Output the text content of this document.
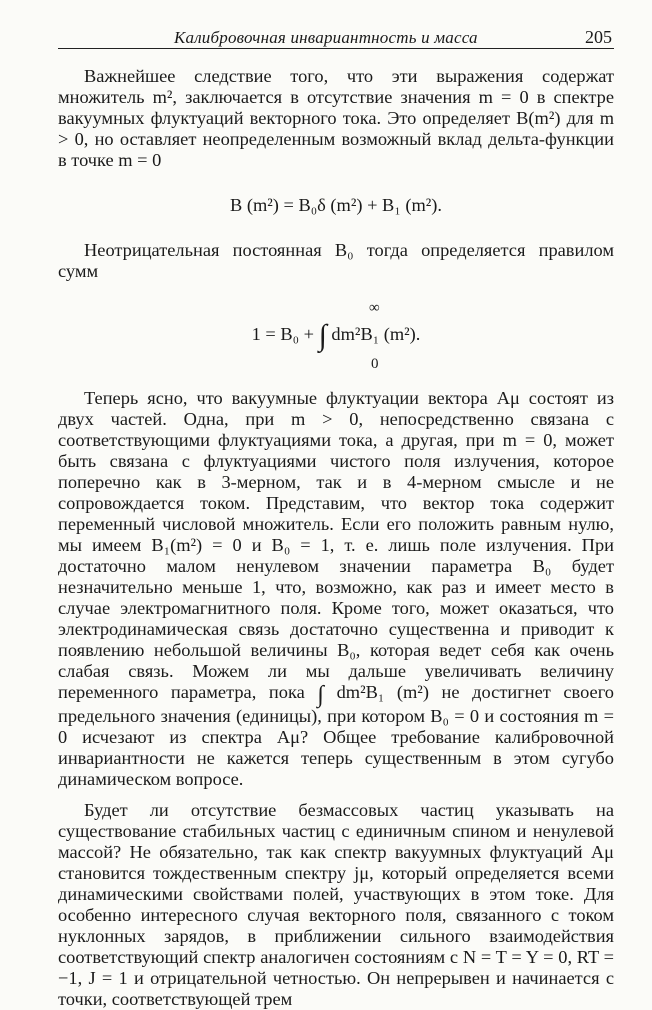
Калибровочная инвариантность и масса	205

Важнейшее следствие того, что эти выражения содержат множитель m², заключается в отсутствие значения m = 0 в спектре вакуумных флуктуаций векторного тока. Это определяет B(m²) для m > 0, но оставляет неопределенным возможный вклад дельта-функции в точке m = 0

B (m²) = B₀δ (m²) + B₁ (m²).

Неотрицательная постоянная B₀ тогда определяется правилом сумм

∞
1 = B₀ + ∫ dm²B₁ (m²).
0

Теперь ясно, что вакуумные флуктуации вектора Aμ состоят из двух частей. Одна, при m > 0, непосредственно связана с соответствующими флуктуациями тока, а другая, при m = 0, может быть связана с флуктуациями чистого поля излучения, которое поперечно как в 3-мерном, так и в 4-мерном смысле и не сопровождается током. Представим, что вектор тока содержит переменный числовой множитель. Если его положить равным нулю, мы имеем B₁(m²) = 0 и B₀ = 1, т. е. лишь поле излучения. При достаточно малом ненулевом значении параметра B₀ будет незначительно меньше 1, что, возможно, как раз и имеет место в случае электромагнитного поля. Кроме того, может оказаться, что электродинамическая связь достаточно существенна и приводит к появлению небольшой величины B₀, которая ведет себя как очень слабая связь. Можем ли мы дальше увеличивать величину переменного параметра, пока ∫ dm²B₁ (m²) не достигнет своего предельного значения (единицы), при котором B₀ = 0 и состояния m = 0 исчезают из спектра Aμ? Общее требование калибровочной инвариантности не кажется теперь существенным в этом сугубо динамическом вопросе.

Будет ли отсутствие безмассовых частиц указывать на существование стабильных частиц с единичным спином и ненулевой массой? Не обязательно, так как спектр вакуумных флуктуаций Aμ становится тождественным спектру jμ, который определяется всеми динамическими свойствами полей, участвующих в этом токе. Для особенно интересного случая векторного поля, связанного с током нуклонных зарядов, в приближении сильного взаимодействия соответствующий спектр аналогичен состояниям с N = T = Y = 0, RT = −1, J = 1 и отрицательной четностью. Он непрерывен и начинается с точки, соответствующей трем
